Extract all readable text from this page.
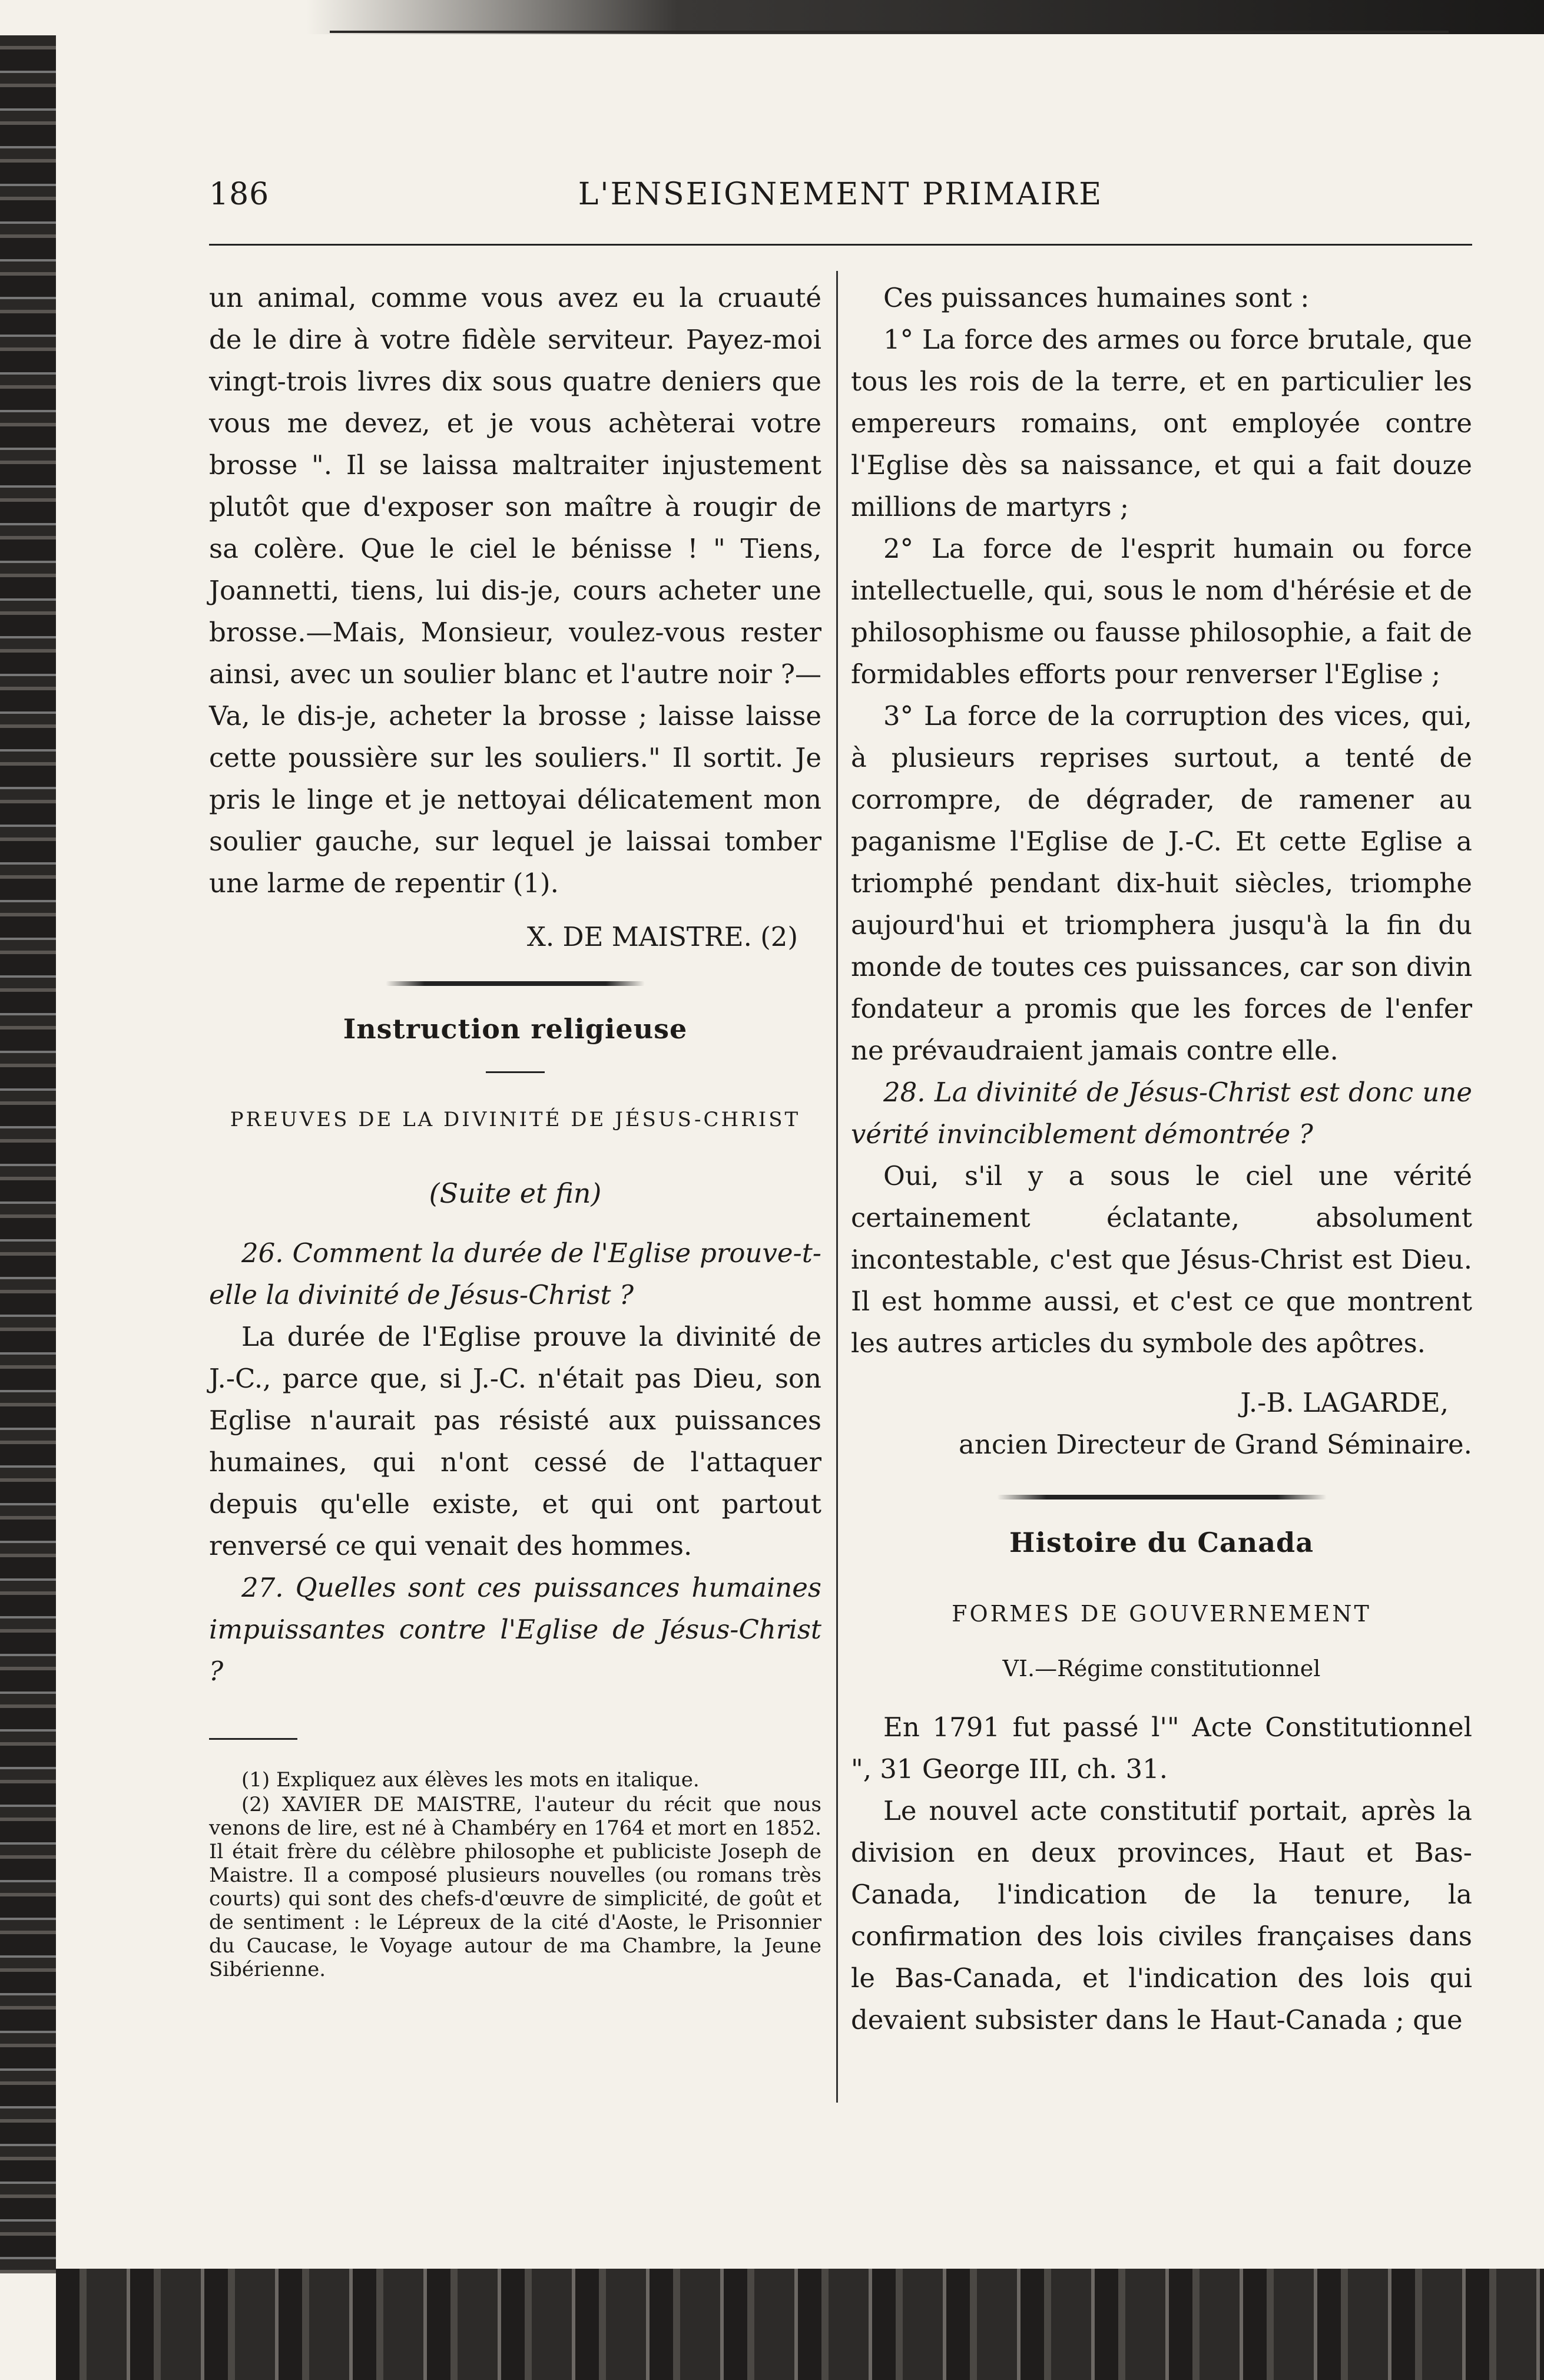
186	L'ENSEIGNEMENT PRIMAIRE

un animal, comme vous avez eu la cruauté de le dire à votre fidèle serviteur. Payez-moi vingt-trois livres dix sous quatre deniers que vous me devez, et je vous achèterai votre brosse ". Il se laissa maltraiter injustement plutôt que d'exposer son maître à rougir de sa colère. Que le ciel le bénisse ! " Tiens, Joannetti, tiens, lui dis-je, cours acheter une brosse.—Mais, Monsieur, voulez-vous rester ainsi, avec un soulier blanc et l'autre noir ?—Va, le dis-je, acheter la brosse ; laisse laisse cette poussière sur les souliers." Il sortit. Je pris le linge et je nettoyai délicatement mon soulier gauche, sur lequel je laissai tomber une larme de repentir (1).

X. DE MAISTRE. (2)

Instruction religieuse
PREUVES DE LA DIVINITÉ DE JÉSUS-CHRIST
(Suite et fin)

26. Comment la durée de l'Eglise prouve-t-elle la divinité de Jésus-Christ ?

La durée de l'Eglise prouve la divinité de J.-C., parce que, si J.-C. n'était pas Dieu, son Eglise n'aurait pas résisté aux puissances humaines, qui n'ont cessé de l'attaquer depuis qu'elle existe, et qui ont partout renversé ce qui venait des hommes.

27. Quelles sont ces puissances humaines impuissantes contre l'Eglise de Jésus-Christ ?

(1) Expliquez aux élèves les mots en italique.

(2) XAVIER DE MAISTRE, l'auteur du récit que nous venons de lire, est né à Chambéry en 1764 et mort en 1852. Il était frère du célèbre philosophe et publiciste Joseph de Maistre. Il a composé plusieurs nouvelles (ou romans très courts) qui sont des chefs-d'œuvre de simplicité, de goût et de sentiment : le Lépreux de la cité d'Aoste, le Prisonnier du Caucase, le Voyage autour de ma Chambre, la Jeune Sibérienne.

Ces puissances humaines sont :

1° La force des armes ou force brutale, que tous les rois de la terre, et en particulier les empereurs romains, ont employée contre l'Eglise dès sa naissance, et qui a fait douze millions de martyrs ;

2° La force de l'esprit humain ou force intellectuelle, qui, sous le nom d'hérésie et de philosophisme ou fausse philosophie, a fait de formidables efforts pour renverser l'Eglise ;

3° La force de la corruption des vices, qui, à plusieurs reprises surtout, a tenté de corrompre, de dégrader, de ramener au paganisme l'Eglise de J.-C. Et cette Eglise a triomphé pendant dix-huit siècles, triomphe aujourd'hui et triomphera jusqu'à la fin du monde de toutes ces puissances, car son divin fondateur a promis que les forces de l'enfer ne prévaudraient jamais contre elle.

28. La divinité de Jésus-Christ est donc une vérité invinciblement démontrée ?

Oui, s'il y a sous le ciel une vérité certainement éclatante, absolument incontestable, c'est que Jésus-Christ est Dieu. Il est homme aussi, et c'est ce que montrent les autres articles du symbole des apôtres.

J.-B. LAGARDE,

ancien Directeur de Grand Séminaire.

Histoire du Canada
FORMES DE GOUVERNEMENT
VI.—Régime constitutionnel

En 1791 fut passé l'" Acte Constitutionnel ", 31 George III, ch. 31.

Le nouvel acte constitutif portait, après la division en deux provinces, Haut et Bas-Canada, l'indication de la tenure, la confirmation des lois civiles françaises dans le Bas-Canada, et l'indication des lois qui devaient subsister dans le Haut-Canada ; que
